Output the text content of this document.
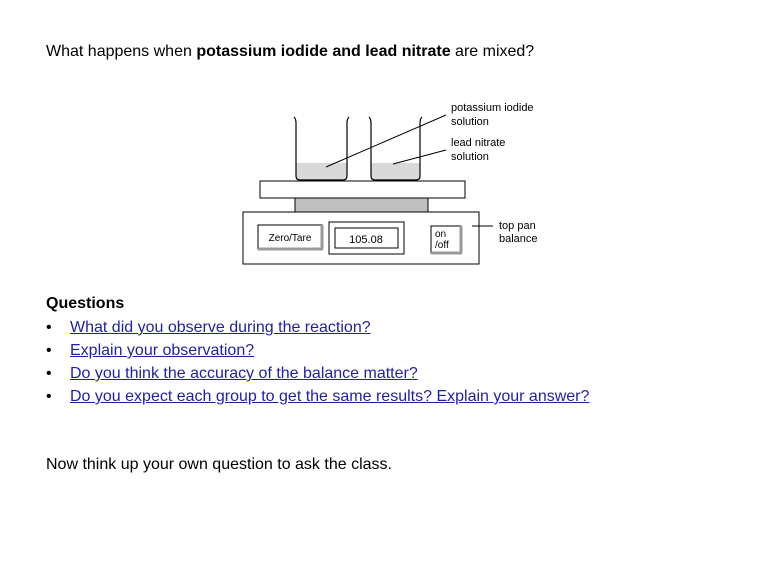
What happens when potassium iodide and lead nitrate are mixed?
Zero/Tare	105.08	on
/off
potassium iodide
solution
lead nitrate
solution
top pan
balance
Questions
• What did you observe during the reaction?
• Explain your observation?
• Do you think the accuracy of the balance matter?
• Do you expect each group to get the same results? Explain your answer?
Now think up your own question to ask the class.
